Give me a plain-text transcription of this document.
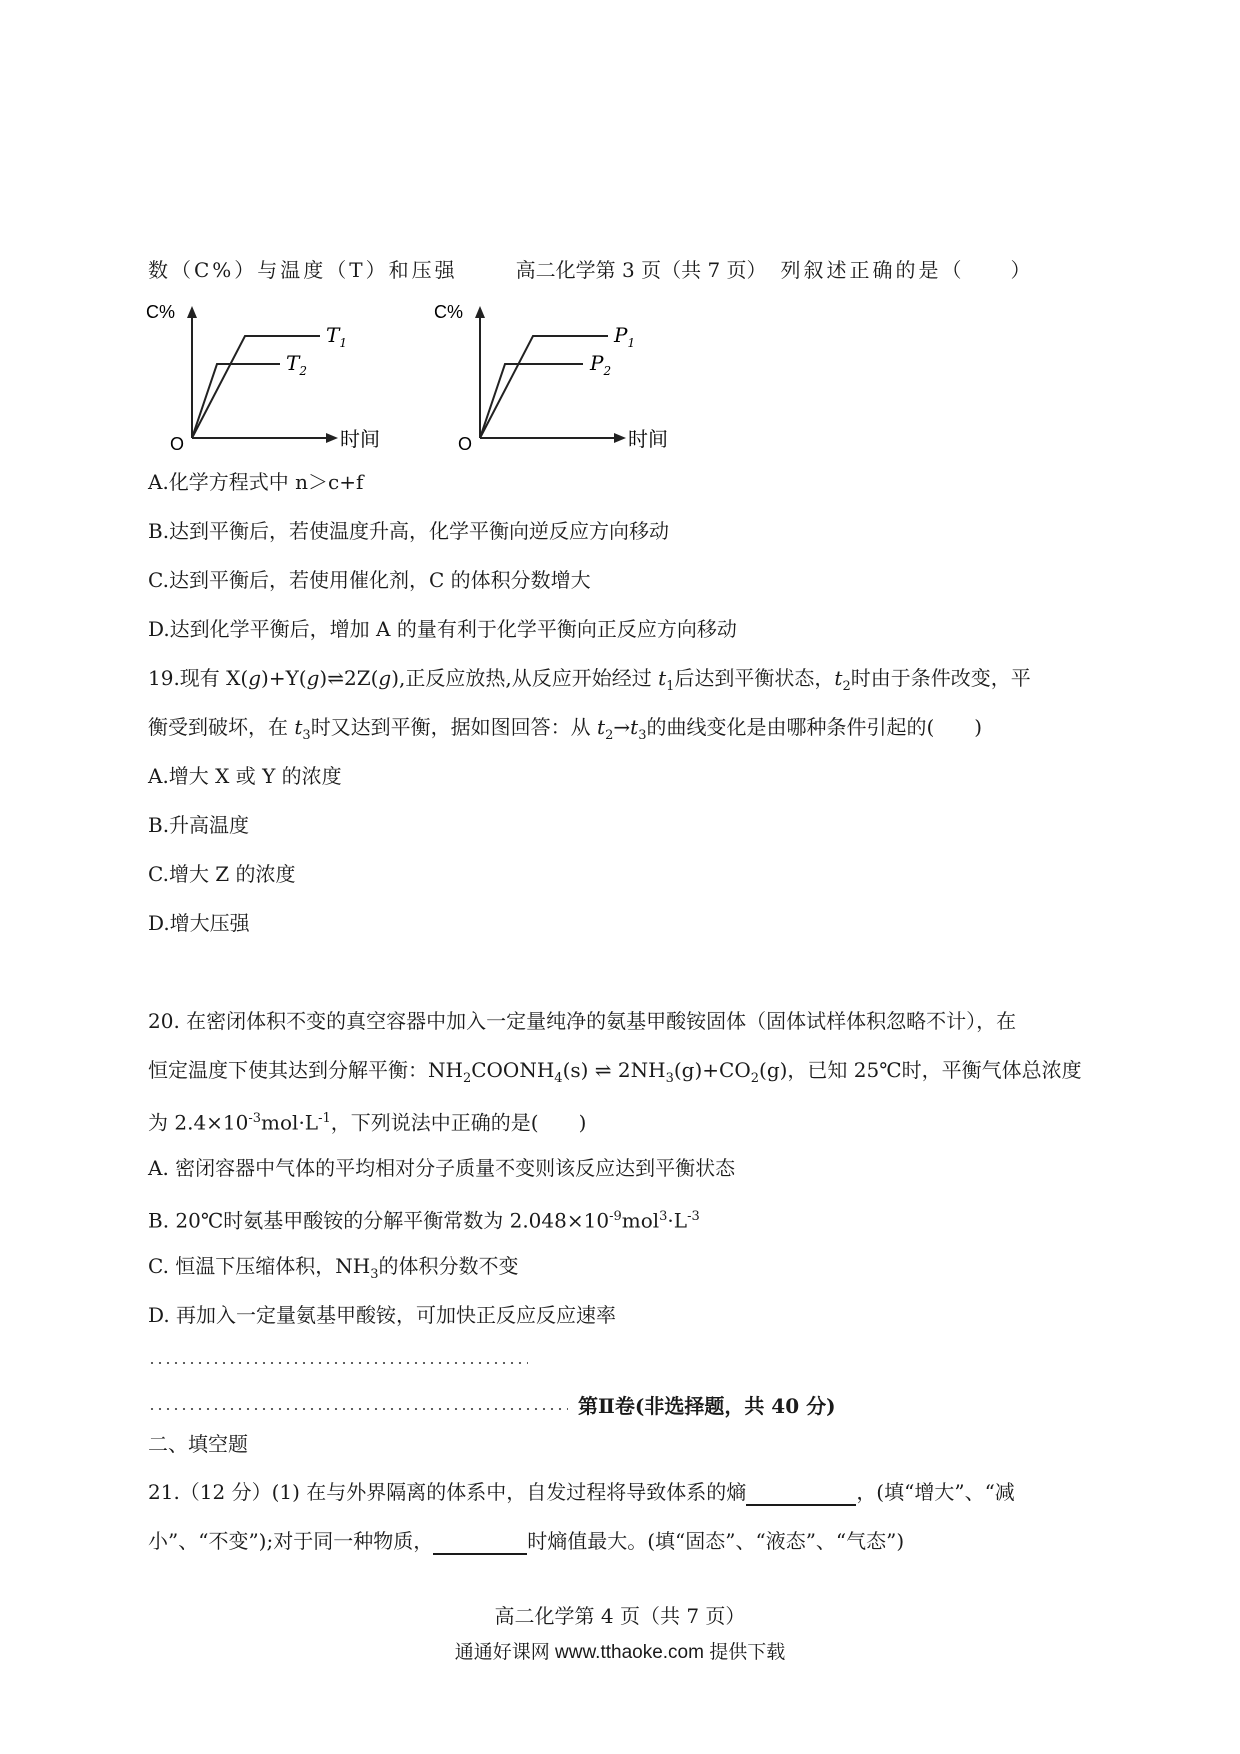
数（C%）与温度（T）和压强	高二化学第 3 页（共 7 页） 列叙述正确的是（　　）
C%
O	时间
$T_1$
$T_2$
C%
O	时间
$P_1$
$P_2$
A.化学方程式中 n＞c+f
B.达到平衡后，若使温度升高，化学平衡向逆反应方向移动
C.达到平衡后，若使用催化剂，C 的体积分数增大
D.达到化学平衡后，增加 A 的量有利于化学平衡向正反应方向移动
19.现有 X(g)+Y(g)⇌2Z(g),正反应放热,从反应开始经过 $t_1$后达到平衡状态，$t_2$时由于条件改变，平
衡受到破坏，在 $t_3$时又达到平衡，据如图回答：从 $t_2\to t_3$的曲线变化是由哪种条件引起的(　　)
A.增大 X 或 Y 的浓度
B.升高温度
C.增大 Z 的浓度
D.增大压强
20. 在密闭体积不变的真空容器中加入一定量纯净的氨基甲酸铵固体（固体试样体积忽略不计），在
恒定温度下使其达到分解平衡：$NH_2COONH_4(s)$ ⇌ $2NH_3(g)+CO_2(g)$，已知 25℃时，平衡气体总浓度
为 $2.4\times 10^{-3}mol\cdot L^{-1}$，下列说法中正确的是(　　)
A. 密闭容器中气体的平均相对分子质量不变则该反应达到平衡状态
B. 20℃时氨基甲酸铵的分解平衡常数为 $2.048\times 10^{-9}mol^3\cdot L^{-3}$
C. 恒温下压缩体积，$NH_3$的体积分数不变
D. 再加入一定量氨基甲酸铵，可加快正反应反应速率
第Ⅱ卷(非选择题，共 40 分)
二、填空题
21.（12 分）(1) 在与外界隔离的体系中，自发过程将导致体系的熵	，(填“增大”、“减
小”、“不变”);对于同一种物质，	时熵值最大。(填“固态”、“液态”、“气态”)
高二化学第 4 页（共 7 页）
通通好课网 www.tthaoke.com 提供下载
